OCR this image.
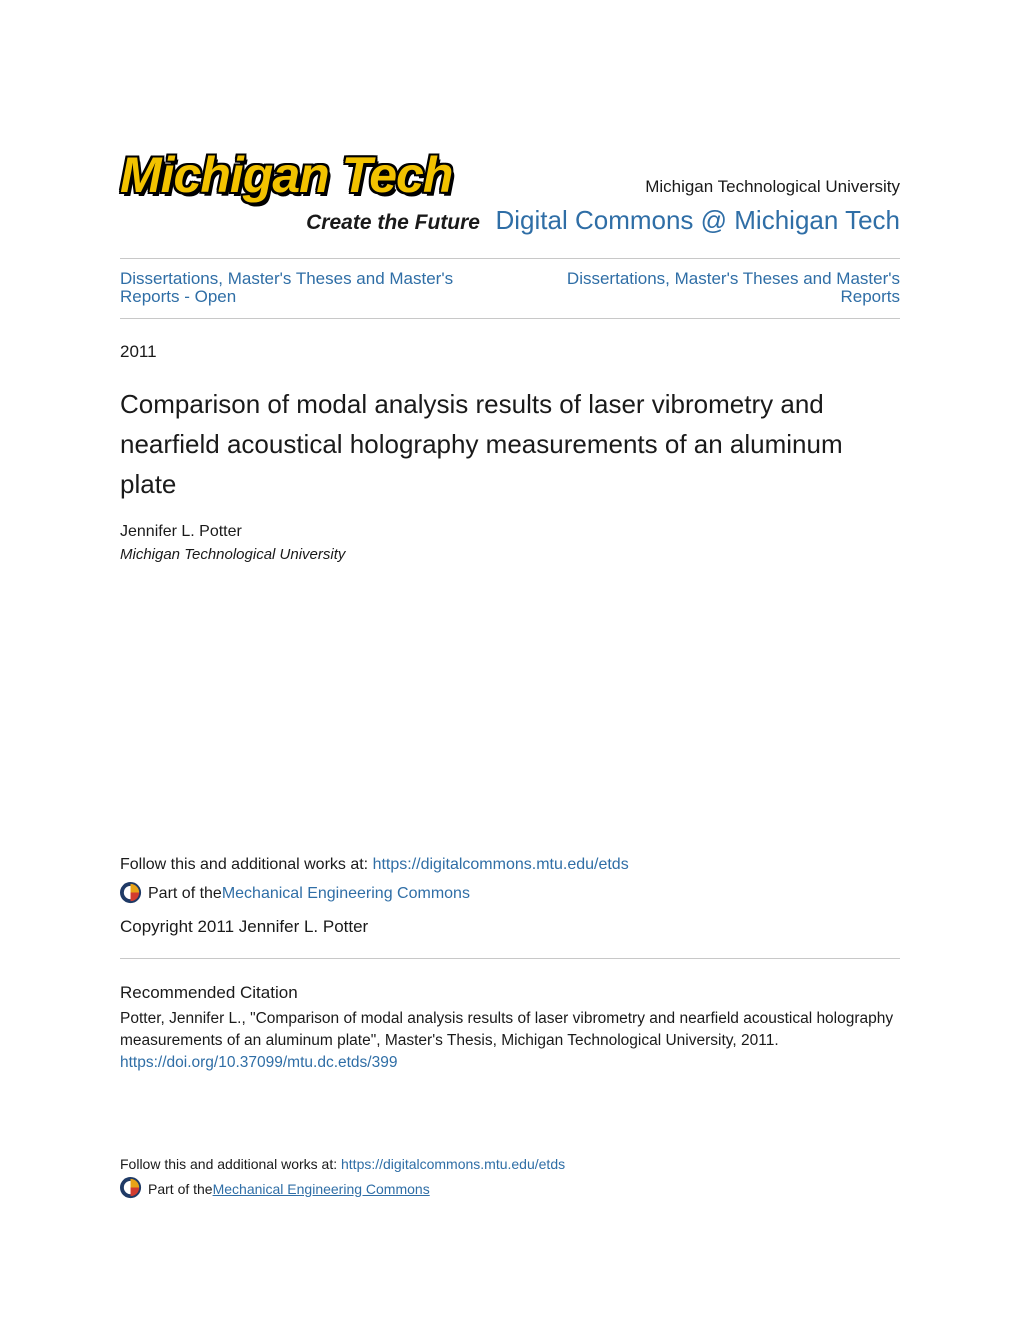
Michigan Tech
Create the Future
Michigan Technological University
Digital Commons @ Michigan Tech
Dissertations, Master's Theses and Master's Reports - Open
Dissertations, Master's Theses and Master's Reports
2011
Comparison of modal analysis results of laser vibrometry and nearfield acoustical holography measurements of an aluminum plate
Jennifer L. Potter
Michigan Technological University
Follow this and additional works at: https://digitalcommons.mtu.edu/etds
Part of the Mechanical Engineering Commons
Copyright 2011 Jennifer L. Potter
Recommended Citation
Potter, Jennifer L., "Comparison of modal analysis results of laser vibrometry and nearfield acoustical holography measurements of an aluminum plate", Master's Thesis, Michigan Technological University, 2011.
https://doi.org/10.37099/mtu.dc.etds/399
Follow this and additional works at: https://digitalcommons.mtu.edu/etds
Part of the Mechanical Engineering Commons
